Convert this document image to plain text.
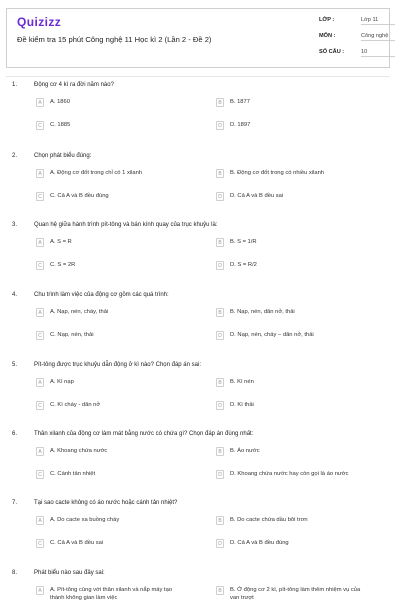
Quizizz
Đề kiểm tra 15 phút Công nghệ 11 Học kì 2 (Lần 2 - Đề 2)
LỚP :	Lớp 11
MÔN :	Công nghệ
SỐ CÂU :	10
1.	Động cơ 4 kì ra đời năm nào?
A	A. 1860	B	B. 1877
C	C. 1885	D	D. 1897
2.	Chọn phát biểu đúng:
A	A. Động cơ đốt trong chỉ có 1 xilanh	B	B. Động cơ đốt trong có nhiều xilanh
C	C. Cả A và B đều đúng	D	D. Cả A và B đều sai
3.	Quan hệ giữa hành trình pít-tông và bán kính quay của trục khuỷu là:
A	A. S = R	B	B. S = 1/R
C	C. S = 2R	D	D. S = R/2
4.	Chu trình làm việc của động cơ gồm các quá trình:
A	A. Nạp, nén, cháy, thải	B	B. Nạp, nén, dãn nở, thải
C	C. Nạp, nén, thải	D	D. Nạp, nén, cháy – dãn nở, thải
5.	Pít-tông được trục khuỷu dẫn động ở kì nào? Chọn đáp án sai:
A	A. Kì nạp	B	B. Kì nén
C	C. Kì cháy - dãn nở	D	D. Kì thải
6.	Thân xilanh của động cơ làm mát bằng nước có chứa gì? Chọn đáp án đúng nhất:
A	A. Khoang chứa nước	B	B. Áo nước
C	C. Cánh tản nhiệt	D	D. Khoang chứa nước hay còn gọi là áo nước
7.	Tại sao cacte không có áo nước hoặc cánh tản nhiệt?
A	A. Do cacte xa buồng cháy	B	B. Do cacte chứa dầu bôi trơn
C	C. Cả A và B đều sai	D	D. Cả A và B đều đúng
8.	Phát biểu nào sau đây sai:
A	A. Pít-tông cùng với thân xilanh và nắp máy tạo
thành không gian làm việc
B	B. Ở động cơ 2 kì, pít-tông làm thêm nhiệm vụ của
van trượt
